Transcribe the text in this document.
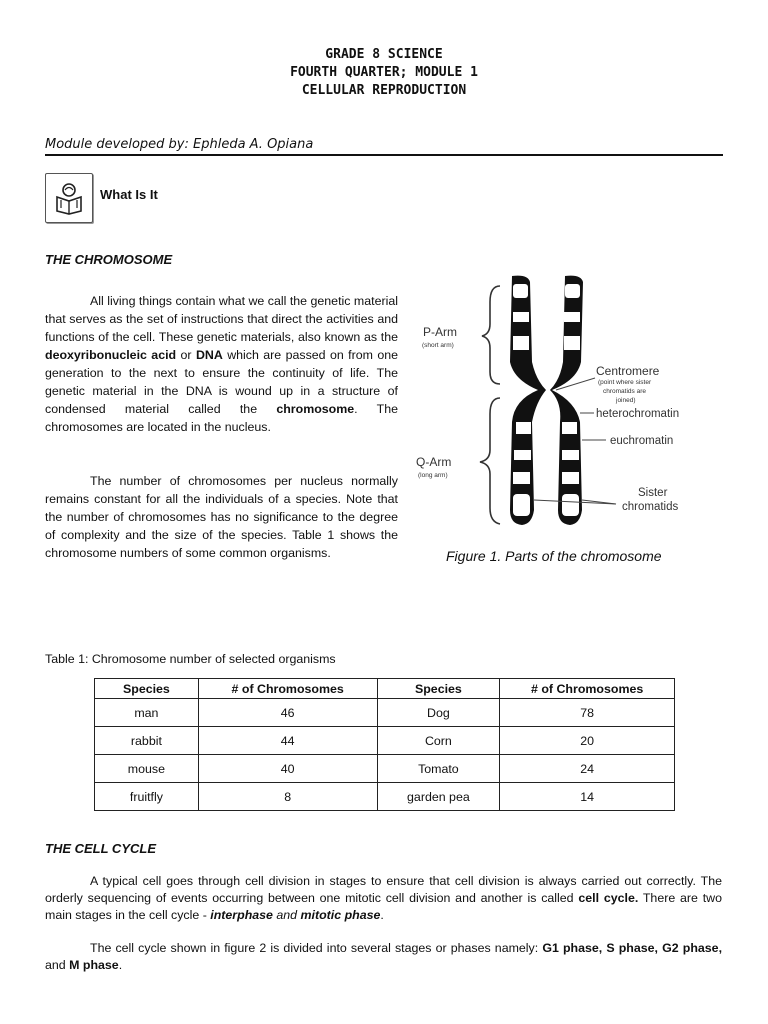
GRADE 8 SCIENCE
FOURTH QUARTER; MODULE 1
CELLULAR REPRODUCTION
Module developed by: Ephleda A. Opiana
What Is It
THE CHROMOSOME
All living things contain what we call the genetic material that serves as the set of instructions that direct the activities and functions of the cell. These genetic materials, also known as the deoxyribonucleic acid or DNA which are passed on from one generation to the next to ensure the continuity of life. The genetic material in the DNA is wound up in a structure of condensed material called the chromosome. The chromosomes are located in the nucleus.
The number of chromosomes per nucleus normally remains constant for all the individuals of a species. Note that the number of chromosomes has no significance to the degree of complexity and the size of the species. Table 1 shows the chromosome numbers of some common organisms.
P-Arm
(short arm)
Q-Arm
(long arm)
Centromere
(point where sister
chromatids are
joined)
heterochromatin
euchromatin
Sister
chromatids
Figure 1. Parts of the chromosome
Table 1: Chromosome number of selected organisms
Species	# of Chromosomes	Species	# of Chromosomes
man	46	Dog	78
rabbit	44	Corn	20
mouse	40	Tomato	24
fruitfly	8	garden pea	14
THE CELL CYCLE
A typical cell goes through cell division in stages to ensure that cell division is always carried out correctly. The orderly sequencing of events occurring between one mitotic cell division and another is called cell cycle. There are two main stages in the cell cycle - interphase and mitotic phase.
The cell cycle shown in figure 2 is divided into several stages or phases namely: G1 phase, S phase, G2 phase, and M phase.
